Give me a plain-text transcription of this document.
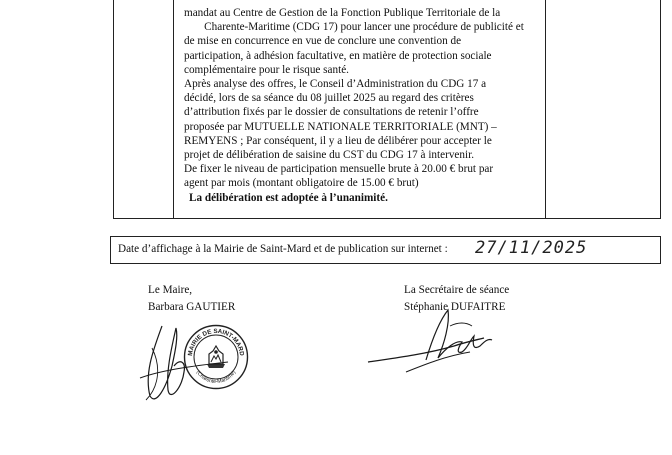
mandat au Centre de Gestion de la Fonction Publique Territoriale de la
Charente-Maritime (CDG 17) pour lancer une procédure de publicité et
de mise en concurrence en vue de conclure une convention de
participation, à adhésion facultative, en matière de protection sociale
complémentaire pour le risque santé.
Après analyse des offres, le Conseil d’Administration du CDG 17 a
décidé, lors de sa séance du 08 juillet 2025 au regard des critères
d’attribution fixés par le dossier de consultations de retenir l’offre
proposée par MUTUELLE NATIONALE TERRITORIALE (MNT) –
REMYENS ; Par conséquent, il y a lieu de délibérer pour accepter le
projet de délibération de saisine du CST du CDG 17 à intervenir.
De fixer le niveau de participation mensuelle brute à 20.00 € brut par
agent par mois (montant obligatoire de 15.00 € brut)
La délibération est adoptée à l’unanimité.
Date d’affichage à la Mairie de Saint-Mard et de publication sur internet : 27/11/2025
Le Maire,
Barbara GAUTIER
La Secrétaire de séance
Stéphanie DUFAITRE
MAIRIE DE SAINT-MARD
(Charente-Maritime)
